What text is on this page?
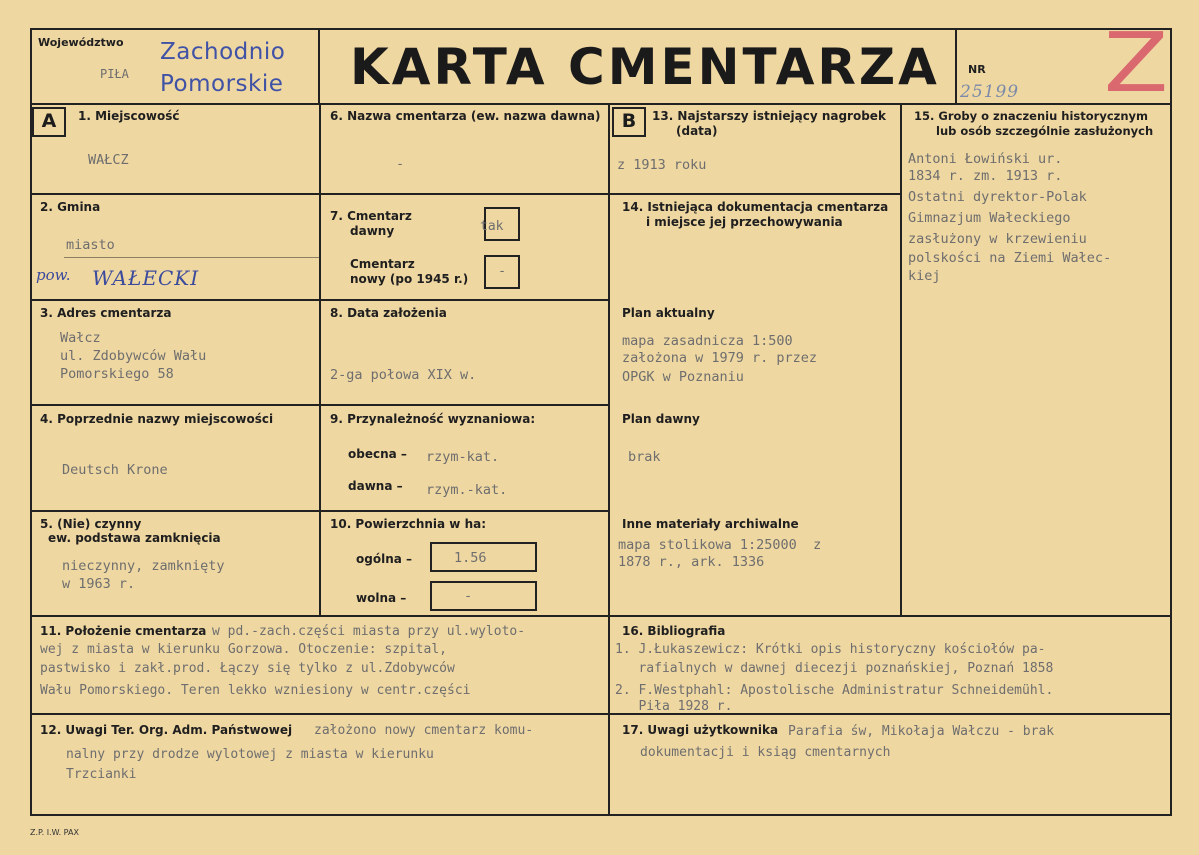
Województwo
PIŁA
Zachodnio
Pomorskie KARTA CMENTARZA	NR
25199 Z
A	B
1. Miejscowość
WAŁCZ
2. Gmina
miasto
pow. WAŁECKI
3. Adres cmentarza
Wałcz
ul. Zdobywców Wału
Pomorskiego 58
4. Poprzednie nazwy miejscowości
Deutsch Krone
5. (Nie) czynny
ew. podstawa zamknięcia
nieczynny, zamknięty
w 1963 r.
6. Nazwa cmentarza (ew. nazwa dawna)
-
7. Cmentarz
dawny	tak
Cmentarz
nowy (po 1945 r.) -
8. Data założenia
2-ga połowa XIX w.
9. Przynależność wyznaniowa:
obecna – rzym-kat.
dawna – rzym.-kat.
10. Powierzchnia w ha:
ogólna –	1.56
wolna –	-
13. Najstarszy istniejący nagrobek
(data)
z 1913 roku
14. Istniejąca dokumentacja cmentarza
i miejsce jej przechowywania
Plan aktualny
mapa zasadnicza 1:500
założona w 1979 r. przez
OPGK w Poznaniu
Plan dawny
brak
Inne materiały archiwalne
mapa stolikowa 1:25000  z
1878 r., ark. 1336
15. Groby o znaczeniu historycznym
lub osób szczególnie zasłużonych
Antoni Łowiński ur.
1834 r. zm. 1913 r.
Ostatni dyrektor-Polak
Gimnazjum Wałeckiego
zasłużony w krzewieniu
polskości na Ziemi Wałec-
kiej
11. Położenie cmentarza w pd.-zach.części miasta przy ul.wyloto-
wej z miasta w kierunku Gorzowa. Otoczenie: szpital,
pastwisko i zakł.prod. Łączy się tylko z ul.Zdobywców
Wału Pomorskiego. Teren lekko wzniesiony w centr.części
16. Bibliografia
1. J.Łukaszewicz: Krótki opis historyczny kościołów pa-
rafialnych w dawnej diecezji poznańskiej, Poznań 1858
2. F.Westphahl: Apostolische Administratur Schneidemühl.
Piła 1928 r.
12. Uwagi Ter. Org. Adm. Państwowej założono nowy cmentarz komu-
nalny przy drodze wylotowej z miasta w kierunku
Trzcianki
17. Uwagi użytkownika Parafia św, Mikołaja Wałczu - brak
dokumentacji i ksiąg cmentarnych
Z.P. I.W. PAX
